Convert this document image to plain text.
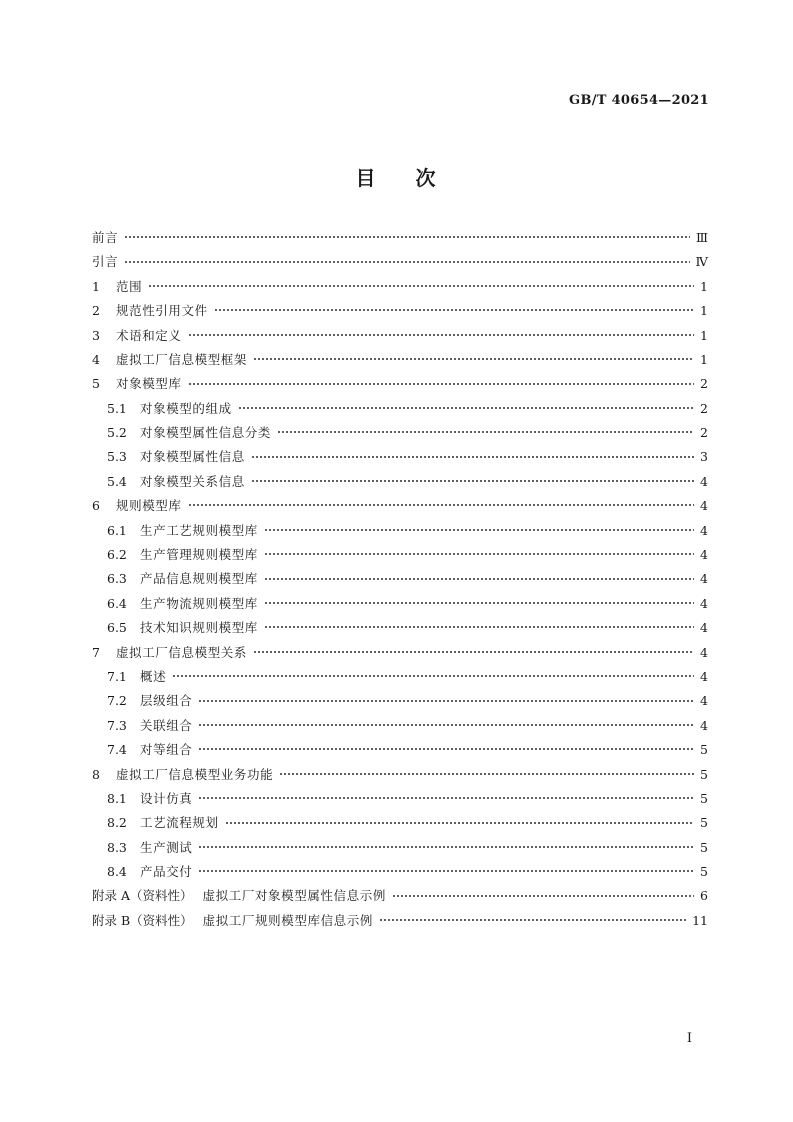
GB/T 40654—2021
目 次
前言	Ⅲ
引言	Ⅳ
1	范围	1
2	规范性引用文件	1
3	术语和定义	1
4	虚拟工厂信息模型框架	1
5	对象模型库	2
5.1	对象模型的组成	2
5.2	对象模型属性信息分类	2
5.3	对象模型属性信息	3
5.4	对象模型关系信息	4
6	规则模型库	4
6.1	生产工艺规则模型库	4
6.2	生产管理规则模型库	4
6.3	产品信息规则模型库	4
6.4	生产物流规则模型库	4
6.5	技术知识规则模型库	4
7	虚拟工厂信息模型关系	4
7.1	概述	4
7.2	层级组合	4
7.3	关联组合	4
7.4	对等组合	5
8	虚拟工厂信息模型业务功能	5
8.1	设计仿真	5
8.2	工艺流程规划	5
8.3	生产测试	5
8.4	产品交付	5
附录 A（资料性） 虚拟工厂对象模型属性信息示例	6
附录 B（资料性） 虚拟工厂规则模型库信息示例	11
Ⅰ
